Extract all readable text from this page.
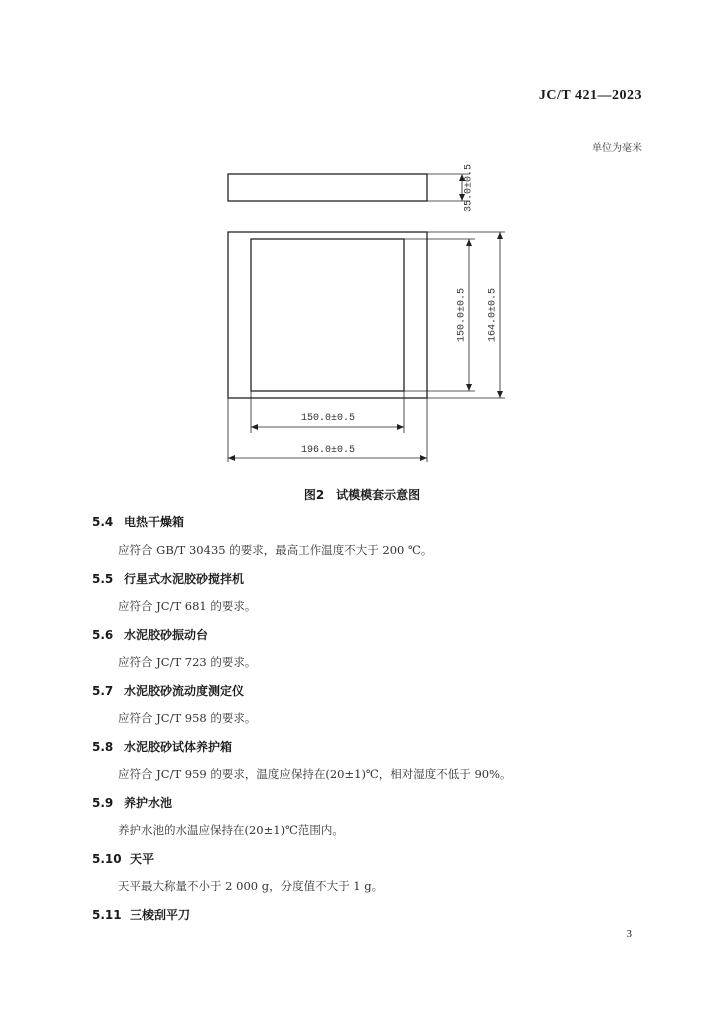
JC/T 421—2023
单位为毫米
35.0±0.5
150.0±0.5 164.0±0.5
150.0±0.5
196.0±0.5
图2　试模模套示意图
5.4 电热干燥箱
应符合 GB/T 30435 的要求，最高工作温度不大于 200 ℃。
5.5 行星式水泥胶砂搅拌机
应符合 JC/T 681 的要求。
5.6 水泥胶砂振动台
应符合 JC/T 723 的要求。
5.7 水泥胶砂流动度测定仪
应符合 JC/T 958 的要求。
5.8 水泥胶砂试体养护箱
应符合 JC/T 959 的要求，温度应保持在(20±1)℃，相对湿度不低于 90%。
5.9 养护水池
养护水池的水温应保持在(20±1)℃范围内。
5.10 天平
天平最大称量不小于 2 000 g，分度值不大于 1 g。
5.11 三棱刮平刀
3
